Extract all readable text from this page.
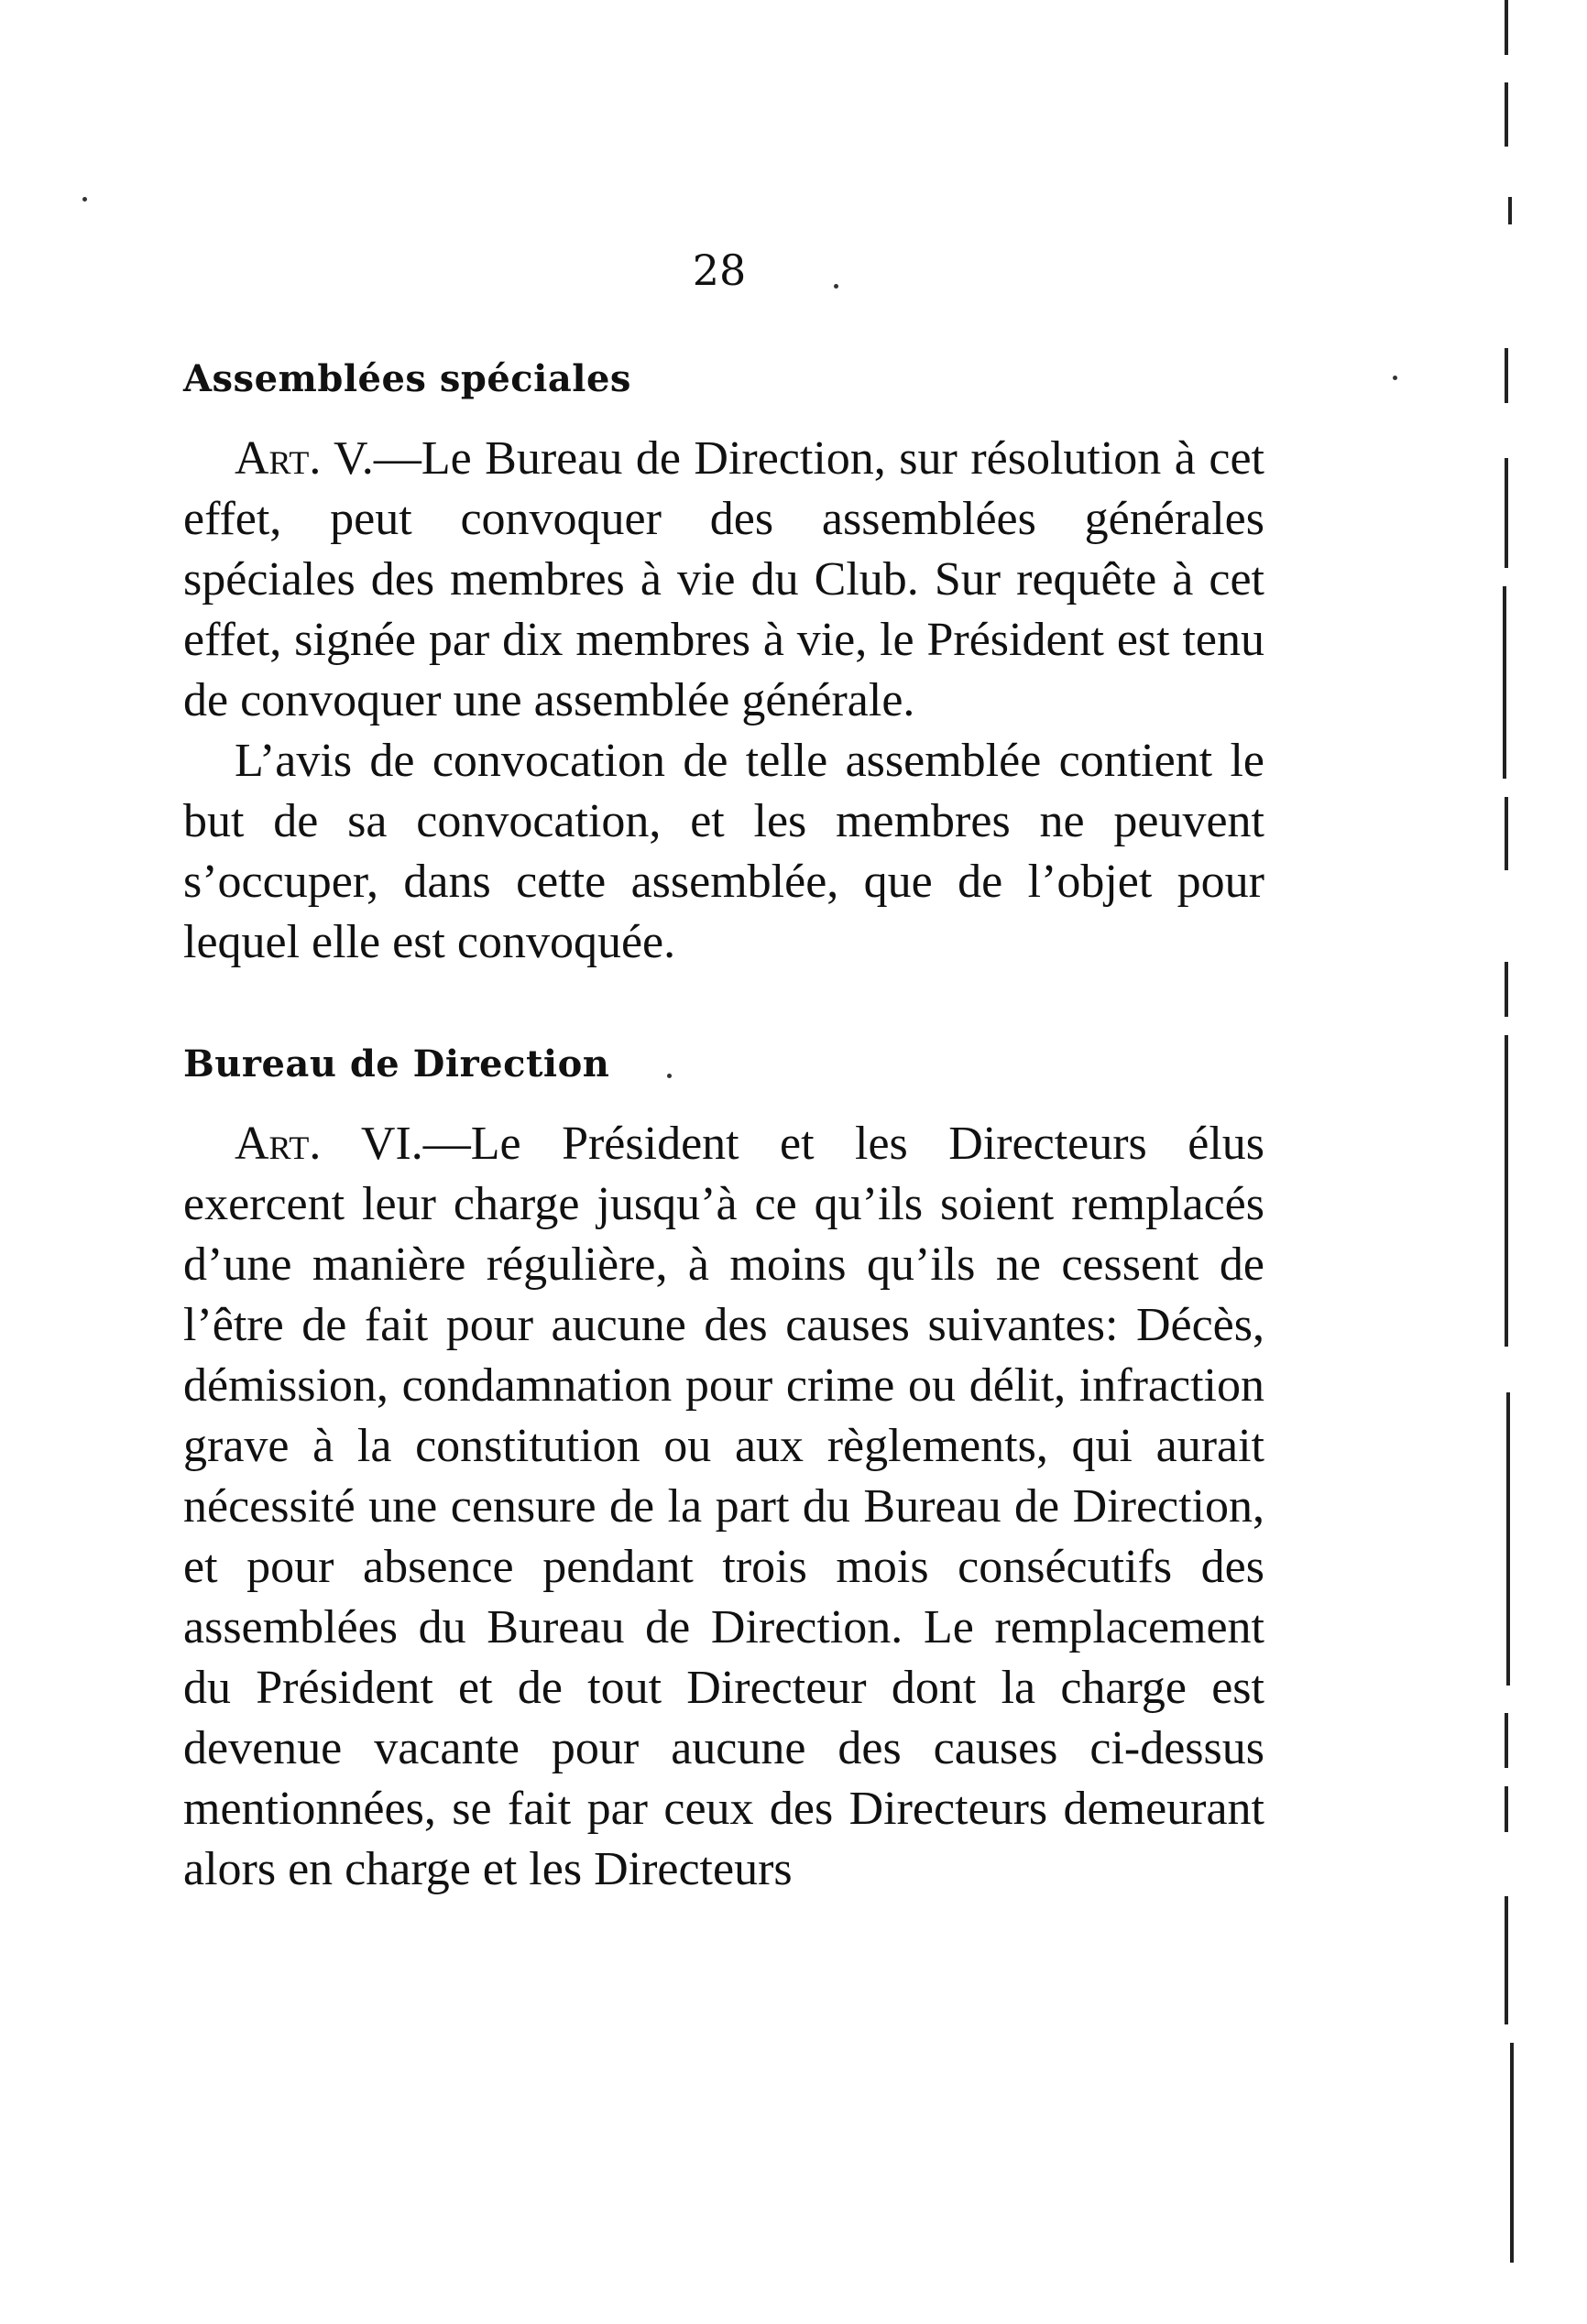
28
Assemblées spéciales

Art. V.—Le Bureau de Direction, sur résolution à cet effet, peut convoquer des assemblées générales spéciales des membres à vie du Club. Sur requête à cet effet, signée par dix membres à vie, le Président est tenu de convoquer une assemblée générale.

L’avis de convocation de telle assemblée contient le but de sa convocation, et les membres ne peuvent s’occuper, dans cette assemblée, que de l’objet pour lequel elle est convoquée.

Bureau de Direction

Art. VI.—Le Président et les Directeurs élus exercent leur charge jusqu’à ce qu’ils soient remplacés d’une manière régulière, à moins qu’ils ne cessent de l’être de fait pour aucune des causes suivantes: Décès, démission, condamnation pour crime ou délit, infraction grave à la constitution ou aux règlements, qui aurait nécessité une censure de la part du Bureau de Direction, et pour absence pendant trois mois consécutifs des assemblées du Bureau de Direction. Le remplacement du Président et de tout Directeur dont la charge est devenue vacante pour aucune des causes ci-dessus mentionnées, se fait par ceux des Directeurs demeurant alors en charge et les Directeurs
